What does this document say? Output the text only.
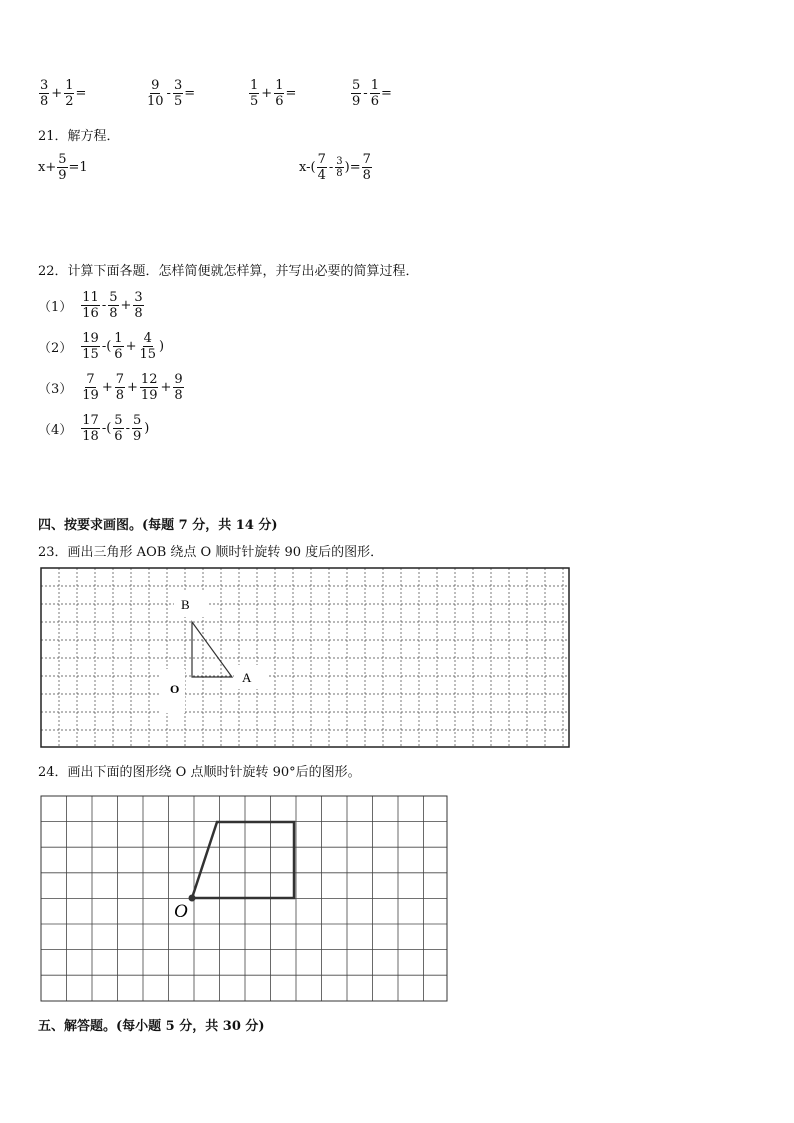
$\frac{3}{8} + \frac{1}{2}$ =	$\frac{9}{10} - \frac{3}{5}$ =	$\frac{1}{5} + \frac{1}{6}$ =	$\frac{5}{9} - \frac{1}{6}$ =
21．解方程．
$x+ \frac{5}{9} =1$	$x-( \frac{7}{4} - \frac{3}{8}$ )= $\frac{7}{8}$
22．计算下面各题．怎样简便就怎样算，并写出必要的简算过程．
$(1) \frac{11}{16} - \frac{5}{8} + \frac{3}{8}$
$(2) \frac{19}{15}$ -( $\frac{1}{6} + \frac{4}{15}$ )
$(3) \frac{7}{19} + \frac{7}{8} + \frac{12}{19} + \frac{9}{8}$
$(4) \frac{17}{18}$ -( $\frac{5}{6} - \frac{5}{9}$ )
四、按要求画图。(每题 7 分，共 14 分)
23．画出三角形 AOB 绕点 O 顺时针旋转 90 度后的图形．
B
A
O
24．画出下面的图形绕 O 点顺时针旋转 90°后的图形。
O
五、解答题。(每小题 5 分，共 30 分)
